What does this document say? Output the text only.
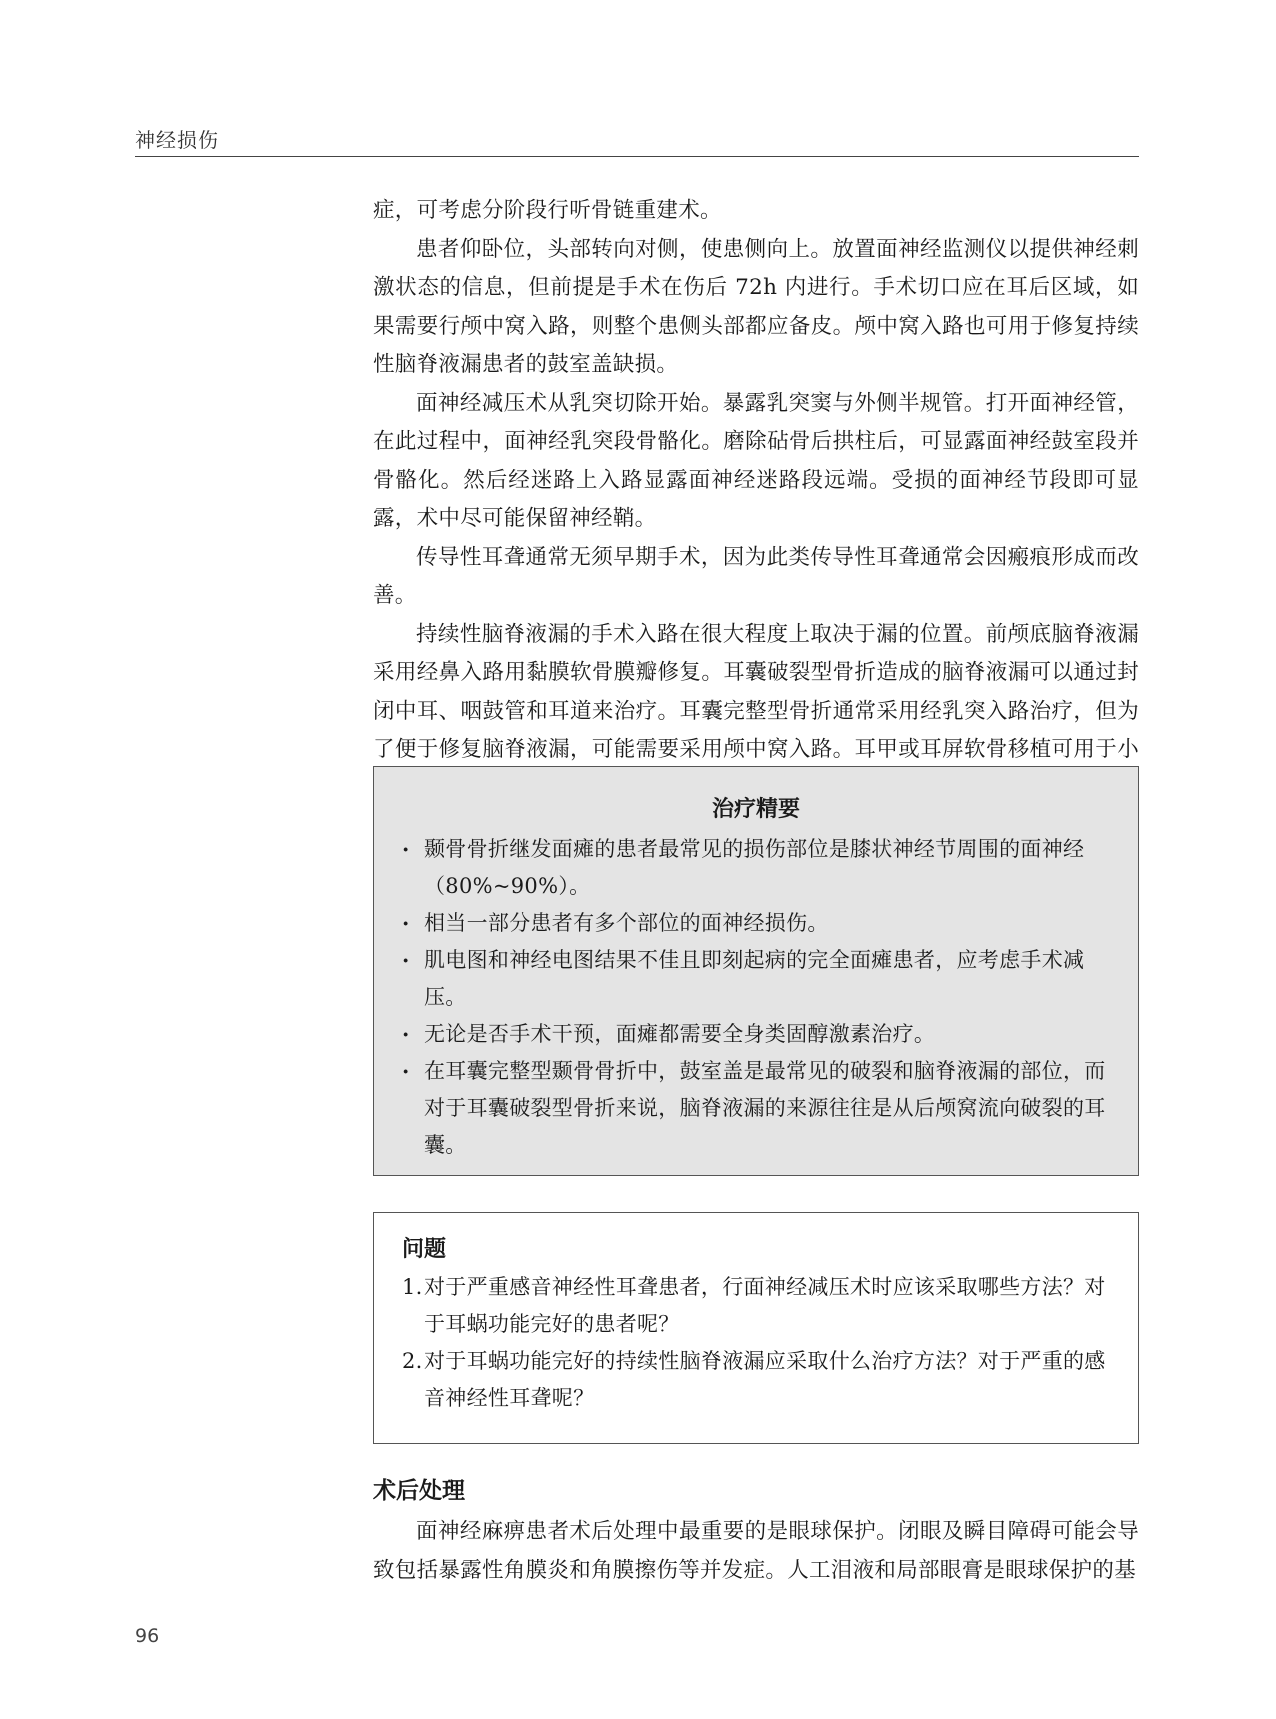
神经损伤

症，可考虑分阶段行听骨链重建术。

患者仰卧位，头部转向对侧，使患侧向上。放置面神经监测仪以提供神经刺激状态的信息，但前提是手术在伤后 72h 内进行。手术切口应在耳后区域，如果需要行颅中窝入路，则整个患侧头部都应备皮。颅中窝入路也可用于修复持续性脑脊液漏患者的鼓室盖缺损。

面神经减压术从乳突切除开始。暴露乳突窦与外侧半规管。打开面神经管，在此过程中，面神经乳突段骨骼化。磨除砧骨后拱柱后，可显露面神经鼓室段并骨骼化。然后经迷路上入路显露面神经迷路段远端。受损的面神经节段即可显露，术中尽可能保留神经鞘。

传导性耳聋通常无须早期手术，因为此类传导性耳聋通常会因瘢痕形成而改善。

持续性脑脊液漏的手术入路在很大程度上取决于漏的位置。前颅底脑脊液漏采用经鼻入路用黏膜软骨膜瓣修复。耳囊破裂型骨折造成的脑脊液漏可以通过封闭中耳、咽鼓管和耳道来治疗。耳囊完整型骨折通常采用经乳突入路治疗，但为了便于修复脑脊液漏，可能需要采用颅中窝入路。耳甲或耳屏软骨移植可用于小

治疗精要
· 颞骨骨折继发面瘫的患者最常见的损伤部位是膝状神经节周围的面神经（80%~90%）。
· 相当一部分患者有多个部位的面神经损伤。
· 肌电图和神经电图结果不佳且即刻起病的完全面瘫患者，应考虑手术减压。
· 无论是否手术干预，面瘫都需要全身类固醇激素治疗。
· 在耳囊完整型颞骨骨折中，鼓室盖是最常见的破裂和脑脊液漏的部位，而对于耳囊破裂型骨折来说，脑脊液漏的来源往往是从后颅窝流向破裂的耳囊。
问题
1. 对于严重感音神经性耳聋患者，行面神经减压术时应该采取哪些方法？对于耳蜗功能完好的患者呢？
2. 对于耳蜗功能完好的持续性脑脊液漏应采取什么治疗方法？对于严重的感音神经性耳聋呢？
术后处理

面神经麻痹患者术后处理中最重要的是眼球保护。闭眼及瞬目障碍可能会导致包括暴露性角膜炎和角膜擦伤等并发症。人工泪液和局部眼膏是眼球保护的基

96
